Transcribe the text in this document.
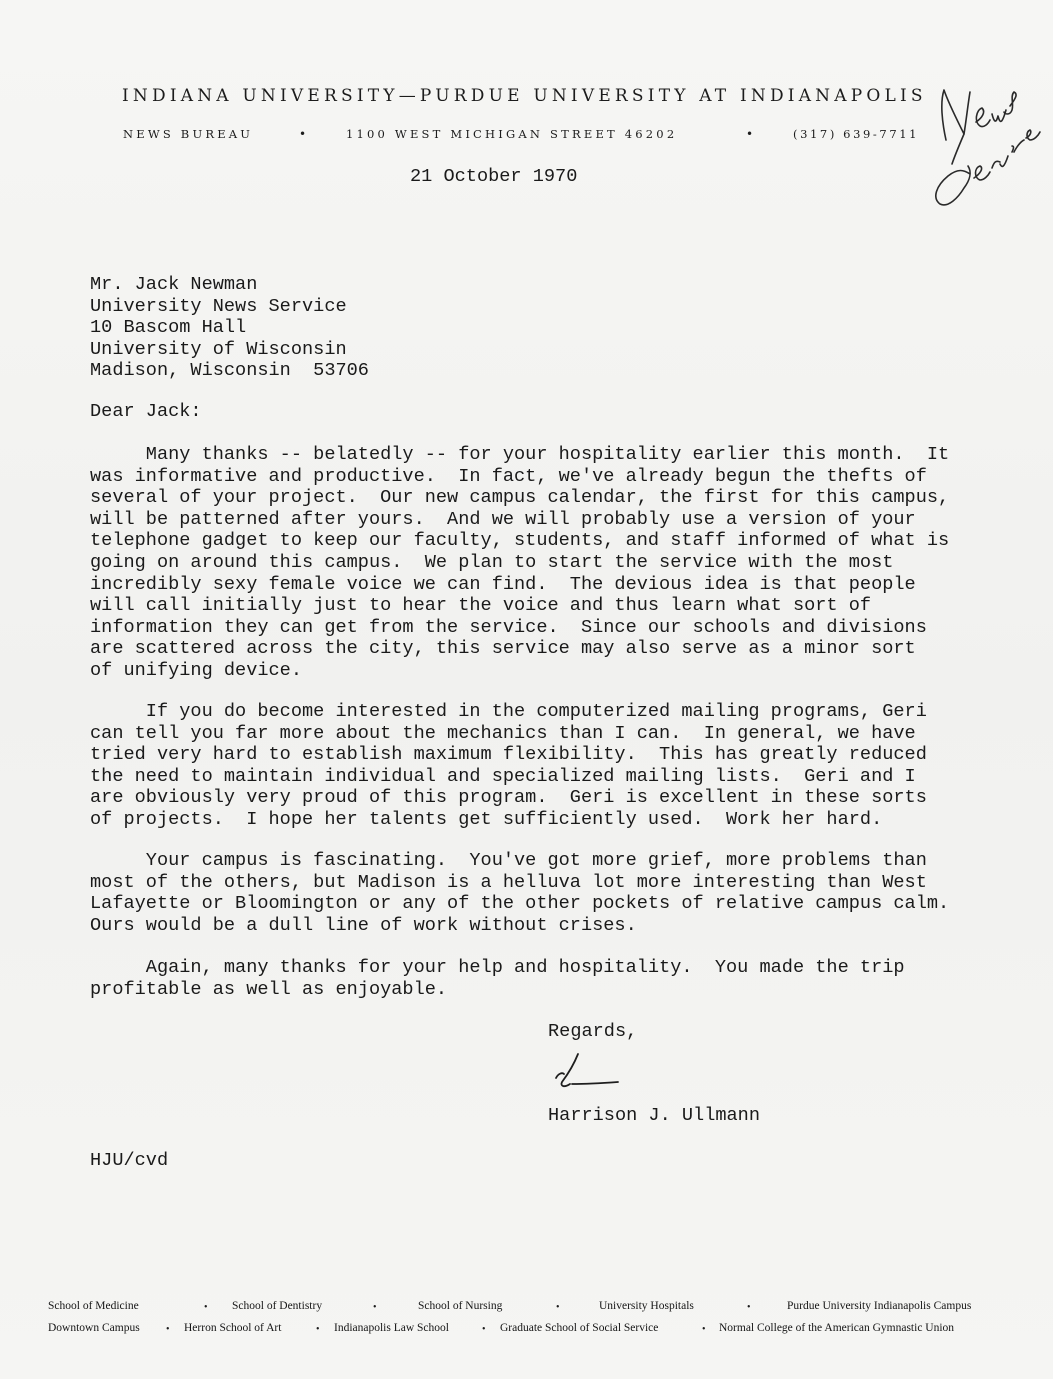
INDIANA UNIVERSITY—PURDUE UNIVERSITY AT INDIANAPOLIS
NEWS BUREAU	•	1100 WEST MICHIGAN STREET 46202	•	(317) 639-7711
21 October 1970
Mr. Jack Newman
University News Service
10 Bascom Hall
University of Wisconsin
Madison, Wisconsin  53706
Dear Jack:
Many thanks -- belatedly -- for your hospitality earlier this month.  It
was informative and productive.  In fact, we've already begun the thefts of
several of your project.  Our new campus calendar, the first for this campus,
will be patterned after yours.  And we will probably use a version of your
telephone gadget to keep our faculty, students, and staff informed of what is
going on around this campus.  We plan to start the service with the most
incredibly sexy female voice we can find.  The devious idea is that people
will call initially just to hear the voice and thus learn what sort of
information they can get from the service.  Since our schools and divisions
are scattered across the city, this service may also serve as a minor sort
of unifying device.
If you do become interested in the computerized mailing programs, Geri
can tell you far more about the mechanics than I can.  In general, we have
tried very hard to establish maximum flexibility.  This has greatly reduced
the need to maintain individual and specialized mailing lists.  Geri and I
are obviously very proud of this program.  Geri is excellent in these sorts
of projects.  I hope her talents get sufficiently used.  Work her hard.
Your campus is fascinating.  You've got more grief, more problems than
most of the others, but Madison is a helluva lot more interesting than West
Lafayette or Bloomington or any of the other pockets of relative campus calm.
Ours would be a dull line of work without crises.
Again, many thanks for your help and hospitality.  You made the trip
profitable as well as enjoyable.
Regards,
Harrison J. Ullmann
HJU/cvd
School of Medicine	• School of Dentistry	•	School of Nursing	•	University Hospitals	•	Purdue University Indianapolis Campus
Downtown Campus	• Herron School of Art	• Indianapolis Law School	• Graduate School of Social Service	• Normal College of the American Gymnastic Union
